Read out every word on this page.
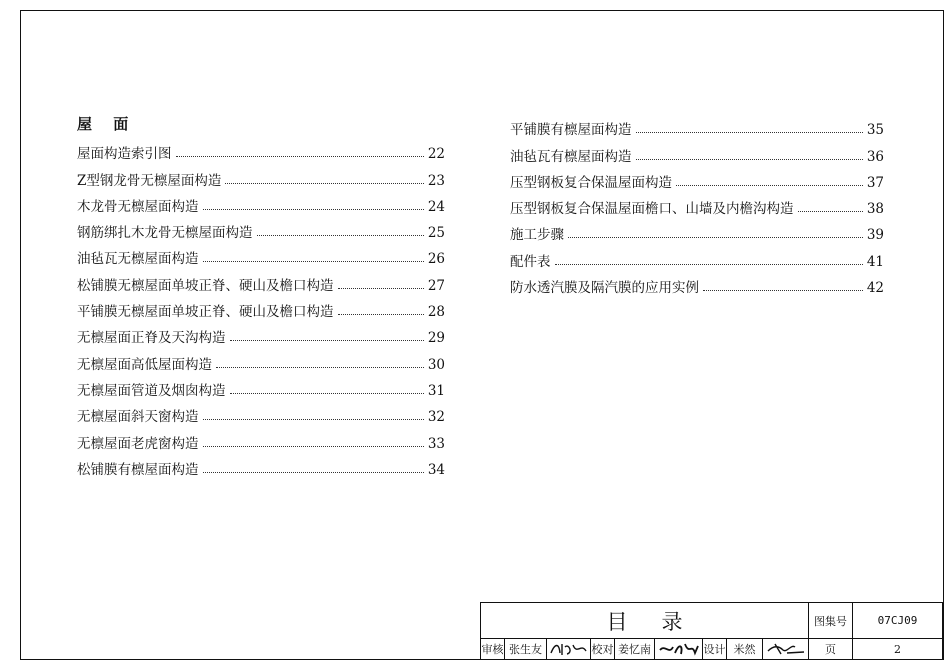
屋 面
屋面构造索引图	22
Z型钢龙骨无檩屋面构造	23
木龙骨无檩屋面构造	24
钢筋绑扎木龙骨无檩屋面构造	25
油毡瓦无檩屋面构造	26
松铺膜无檩屋面单坡正脊、硬山及檐口构造	27
平铺膜无檩屋面单坡正脊、硬山及檐口构造	28
无檩屋面正脊及天沟构造	29
无檩屋面高低屋面构造	30
无檩屋面管道及烟囱构造	31
无檩屋面斜天窗构造	32
无檩屋面老虎窗构造	33
松铺膜有檩屋面构造	34
平铺膜有檩屋面构造	35
油毡瓦有檩屋面构造	36
压型钢板复合保温屋面构造	37
压型钢板复合保温屋面檐口、山墙及内檐沟构造	38
施工步骤	39
配件表	41
防水透汽膜及隔汽膜的应用实例	42
目录	图集号	07CJ09
审核 张生友	校对 姜忆南	设计 米然	页	2
